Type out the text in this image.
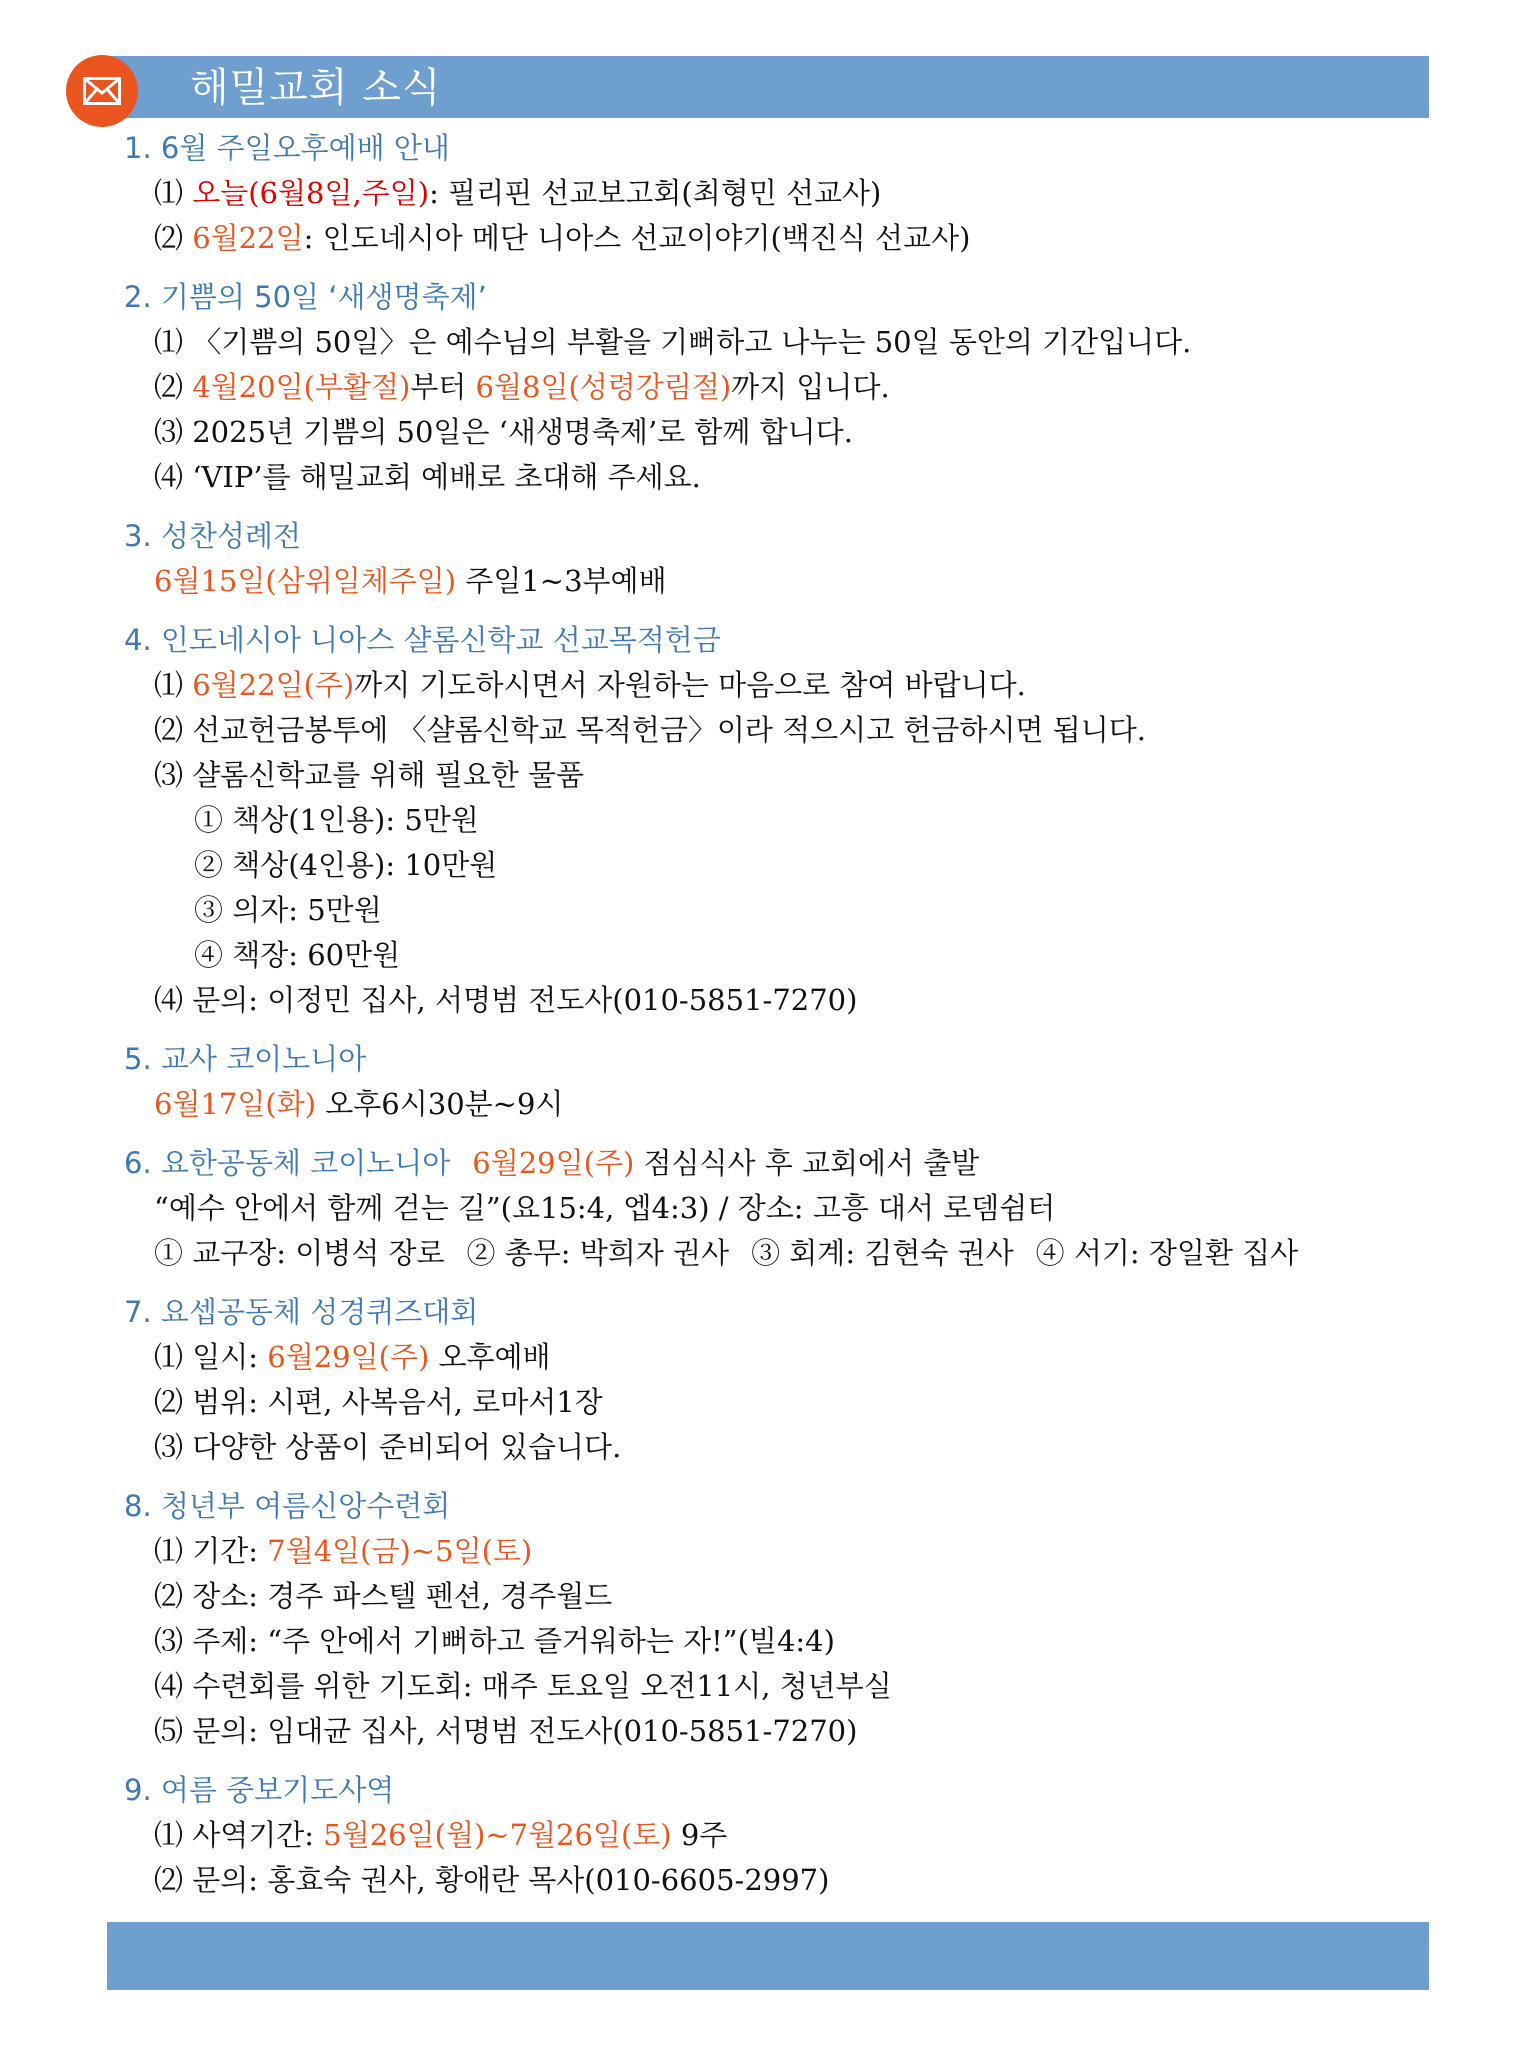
해밀교회 소식
1. 6월 주일오후예배 안내
⑴ 오늘(6월8일,주일): 필리핀 선교보고회(최형민 선교사)
⑵ 6월22일: 인도네시아 메단 니아스 선교이야기(백진식 선교사)
2. 기쁨의 50일 ‘새생명축제’
⑴ 〈기쁨의 50일〉은 예수님의 부활을 기뻐하고 나누는 50일 동안의 기간입니다.
⑵ 4월20일(부활절)부터 6월8일(성령강림절)까지 입니다.
⑶ 2025년 기쁨의 50일은 ‘새생명축제’로 함께 합니다.
⑷ ‘VIP’를 해밀교회 예배로 초대해 주세요.
3. 성찬성례전
6월15일(삼위일체주일) 주일1~3부예배
4. 인도네시아 니아스 샬롬신학교 선교목적헌금
⑴ 6월22일(주)까지 기도하시면서 자원하는 마음으로 참여 바랍니다.
⑵ 선교헌금봉투에 〈샬롬신학교 목적헌금〉이라 적으시고 헌금하시면 됩니다.
⑶ 샬롬신학교를 위해 필요한 물품
① 책상(1인용): 5만원
② 책상(4인용): 10만원
③ 의자: 5만원
④ 책장: 60만원
⑷ 문의: 이정민 집사, 서명범 전도사(010-5851-7270)
5. 교사 코이노니아
6월17일(화) 오후6시30분~9시
6. 요한공동체 코이노니아 6월29일(주) 점심식사 후 교회에서 출발
“예수 안에서 함께 걷는 길”(요15:4, 엡4:3) / 장소: 고흥 대서 로뎀쉼터
① 교구장: 이병석 장로 ② 총무: 박희자 권사 ③ 회계: 김현숙 권사 ④ 서기: 장일환 집사
7. 요셉공동체 성경퀴즈대회
⑴ 일시: 6월29일(주) 오후예배
⑵ 범위: 시편, 사복음서, 로마서1장
⑶ 다양한 상품이 준비되어 있습니다.
8. 청년부 여름신앙수련회
⑴ 기간: 7월4일(금)~5일(토)
⑵ 장소: 경주 파스텔 펜션, 경주월드
⑶ 주제: “주 안에서 기뻐하고 즐거워하는 자!”(빌4:4)
⑷ 수련회를 위한 기도회: 매주 토요일 오전11시, 청년부실
⑸ 문의: 임대균 집사, 서명범 전도사(010-5851-7270)
9. 여름 중보기도사역
⑴ 사역기간: 5월26일(월)~7월26일(토) 9주
⑵ 문의: 홍효숙 권사, 황애란 목사(010-6605-2997)
